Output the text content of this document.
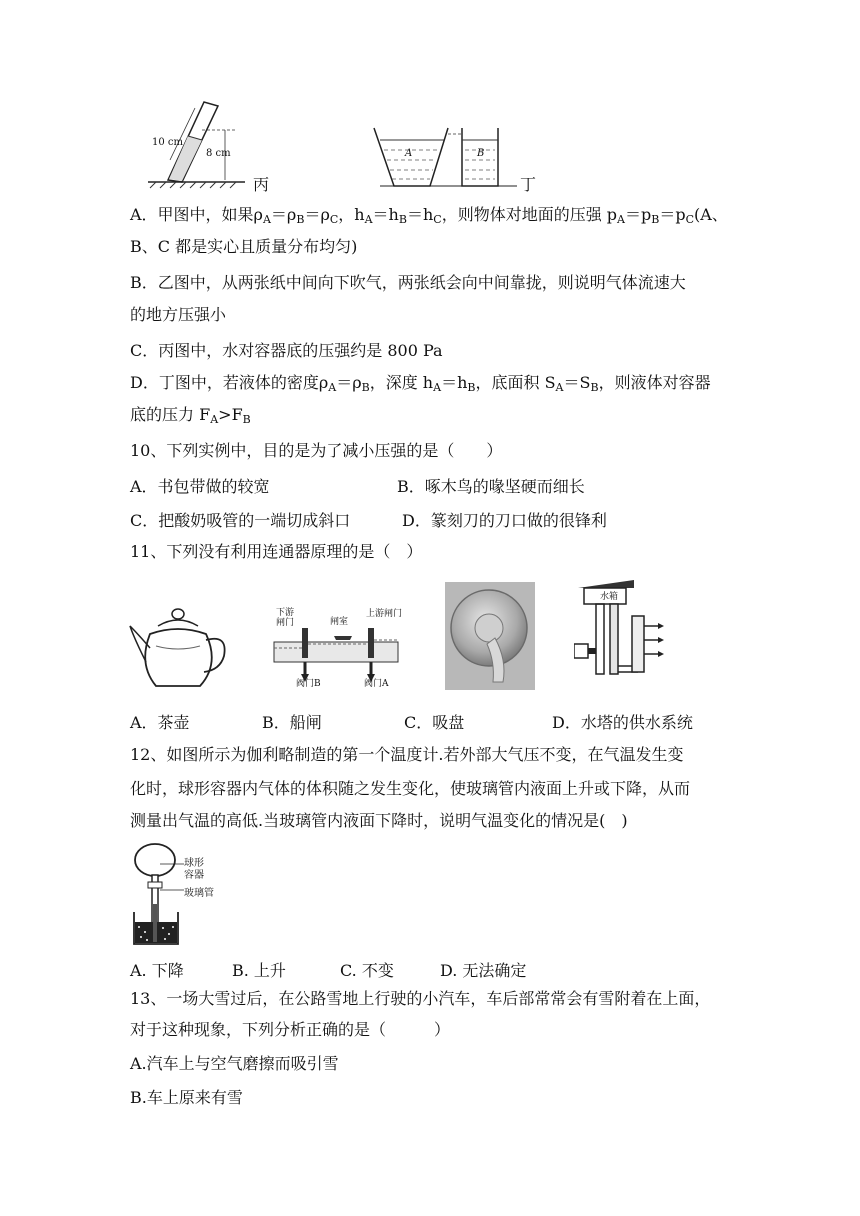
10 cm
8 cm
丙
A	B
丁
A．甲图中，如果$\rho_A=\rho_B=\rho_C$，$h_A=h_B=h_C$，则物体对地面的压强 $p_A=p_B=p_C(A$、
B、C 都是实心且质量分布均匀)
B．乙图中，从两张纸中间向下吹气，两张纸会向中间靠拢，则说明气体流速大
的地方压强小
C．丙图中，水对容器底的压强约是 800 Pa
D．丁图中，若液体的密度$\rho_A=\rho_B$，深度 $h_A=h_B$，底面积 $S_A=S_B$，则液体对容器
底的压力 $F_A>F_B$
10、下列实例中，目的是为了减小压强的是（　　）
A．书包带做的较宽	B．啄木鸟的喙坚硬而细长
C．把酸奶吸管的一端切成斜口	D．篆刻刀的刀口做的很锋利
11、下列没有利用连通器原理的是（　）
下游闸门	闸室
上游闸门
阀门B	阀门A
水箱
A．茶壶	B．船闸	C．吸盘	D．水塔的供水系统
12、如图所示为伽利略制造的第一个温度计.若外部大气压不变，在气温发生变
化时，球形容器内气体的体积随之发生变化，使玻璃管内液面上升或下降，从而
测量出气温的高低.当玻璃管内液面下降时，说明气温变化的情况是(　)
球形
容器
玻璃管
A. 下降	B. 上升	C. 不变	D. 无法确定
13、一场大雪过后，在公路雪地上行驶的小汽车，车后部常常会有雪附着在上面，
对于这种现象，下列分析正确的是（　　　）
A.汽车上与空气磨擦而吸引雪
B.车上原来有雪
